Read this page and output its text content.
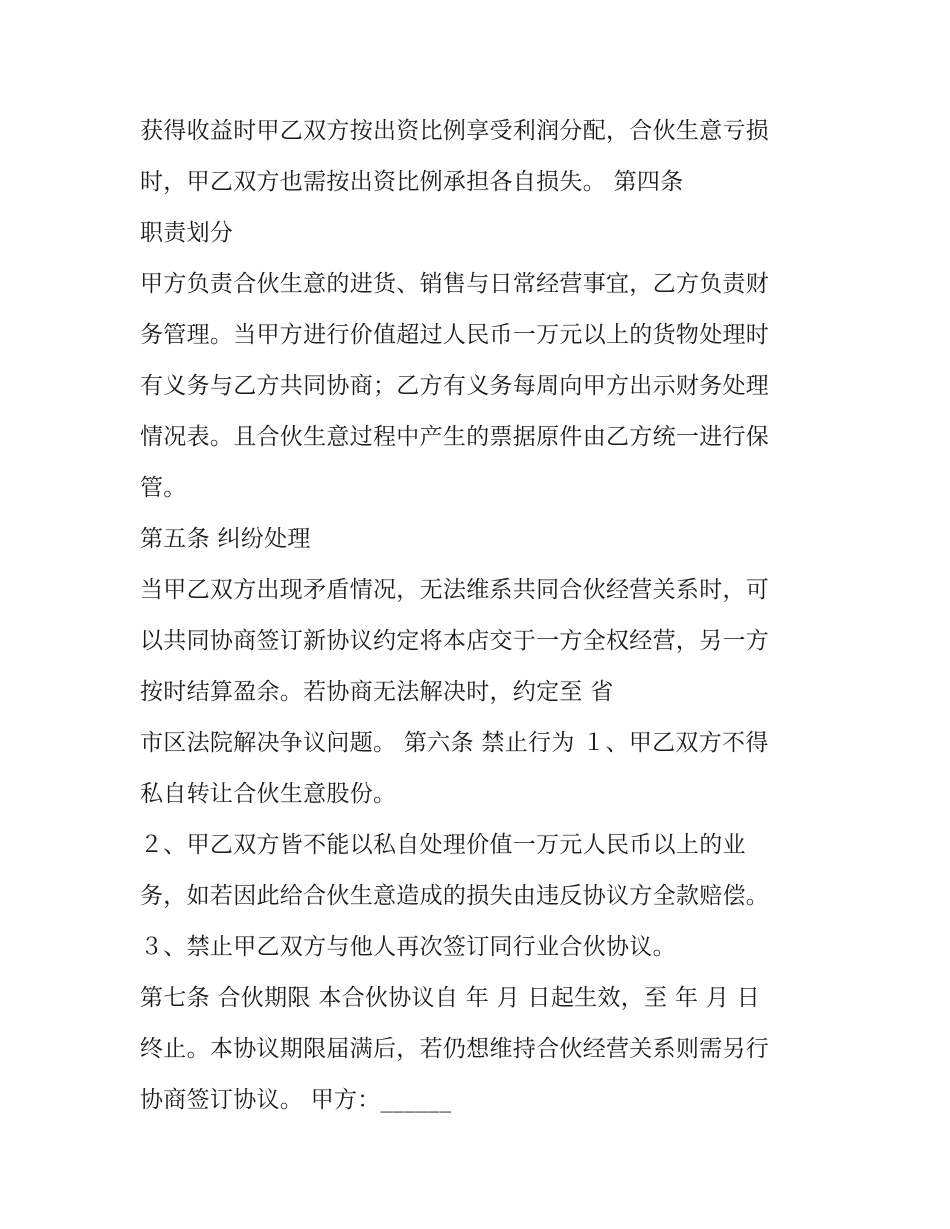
获得收益时甲乙双方按出资比例享受利润分配，合伙生意亏损
时，甲乙双方也需按出资比例承担各自损失。 第四条
职责划分
甲方负责合伙生意的进货、销售与日常经营事宜，乙方负责财
务管理。当甲方进行价值超过人民币一万元以上的货物处理时
有义务与乙方共同协商；乙方有义务每周向甲方出示财务处理
情况表。且合伙生意过程中产生的票据原件由乙方统一进行保
管。
第五条 纠纷处理
当甲乙双方出现矛盾情况，无法维系共同合伙经营关系时，可
以共同协商签订新协议约定将本店交于一方全权经营，另一方
按时结算盈余。若协商无法解决时，约定至 省
市区法院解决争议问题。 第六条 禁止行为 １、甲乙双方不得
私自转让合伙生意股份。
２、甲乙双方皆不能以私自处理价值一万元人民币以上的业
务，如若因此给合伙生意造成的损失由违反协议方全款赔偿。
３、禁止甲乙双方与他人再次签订同行业合伙协议。
第七条 合伙期限 本合伙协议自 年 月 日起生效，至 年 月 日
终止。本协议期限届满后，若仍想维持合伙经营关系则需另行
协商签订协议。 甲方：______
